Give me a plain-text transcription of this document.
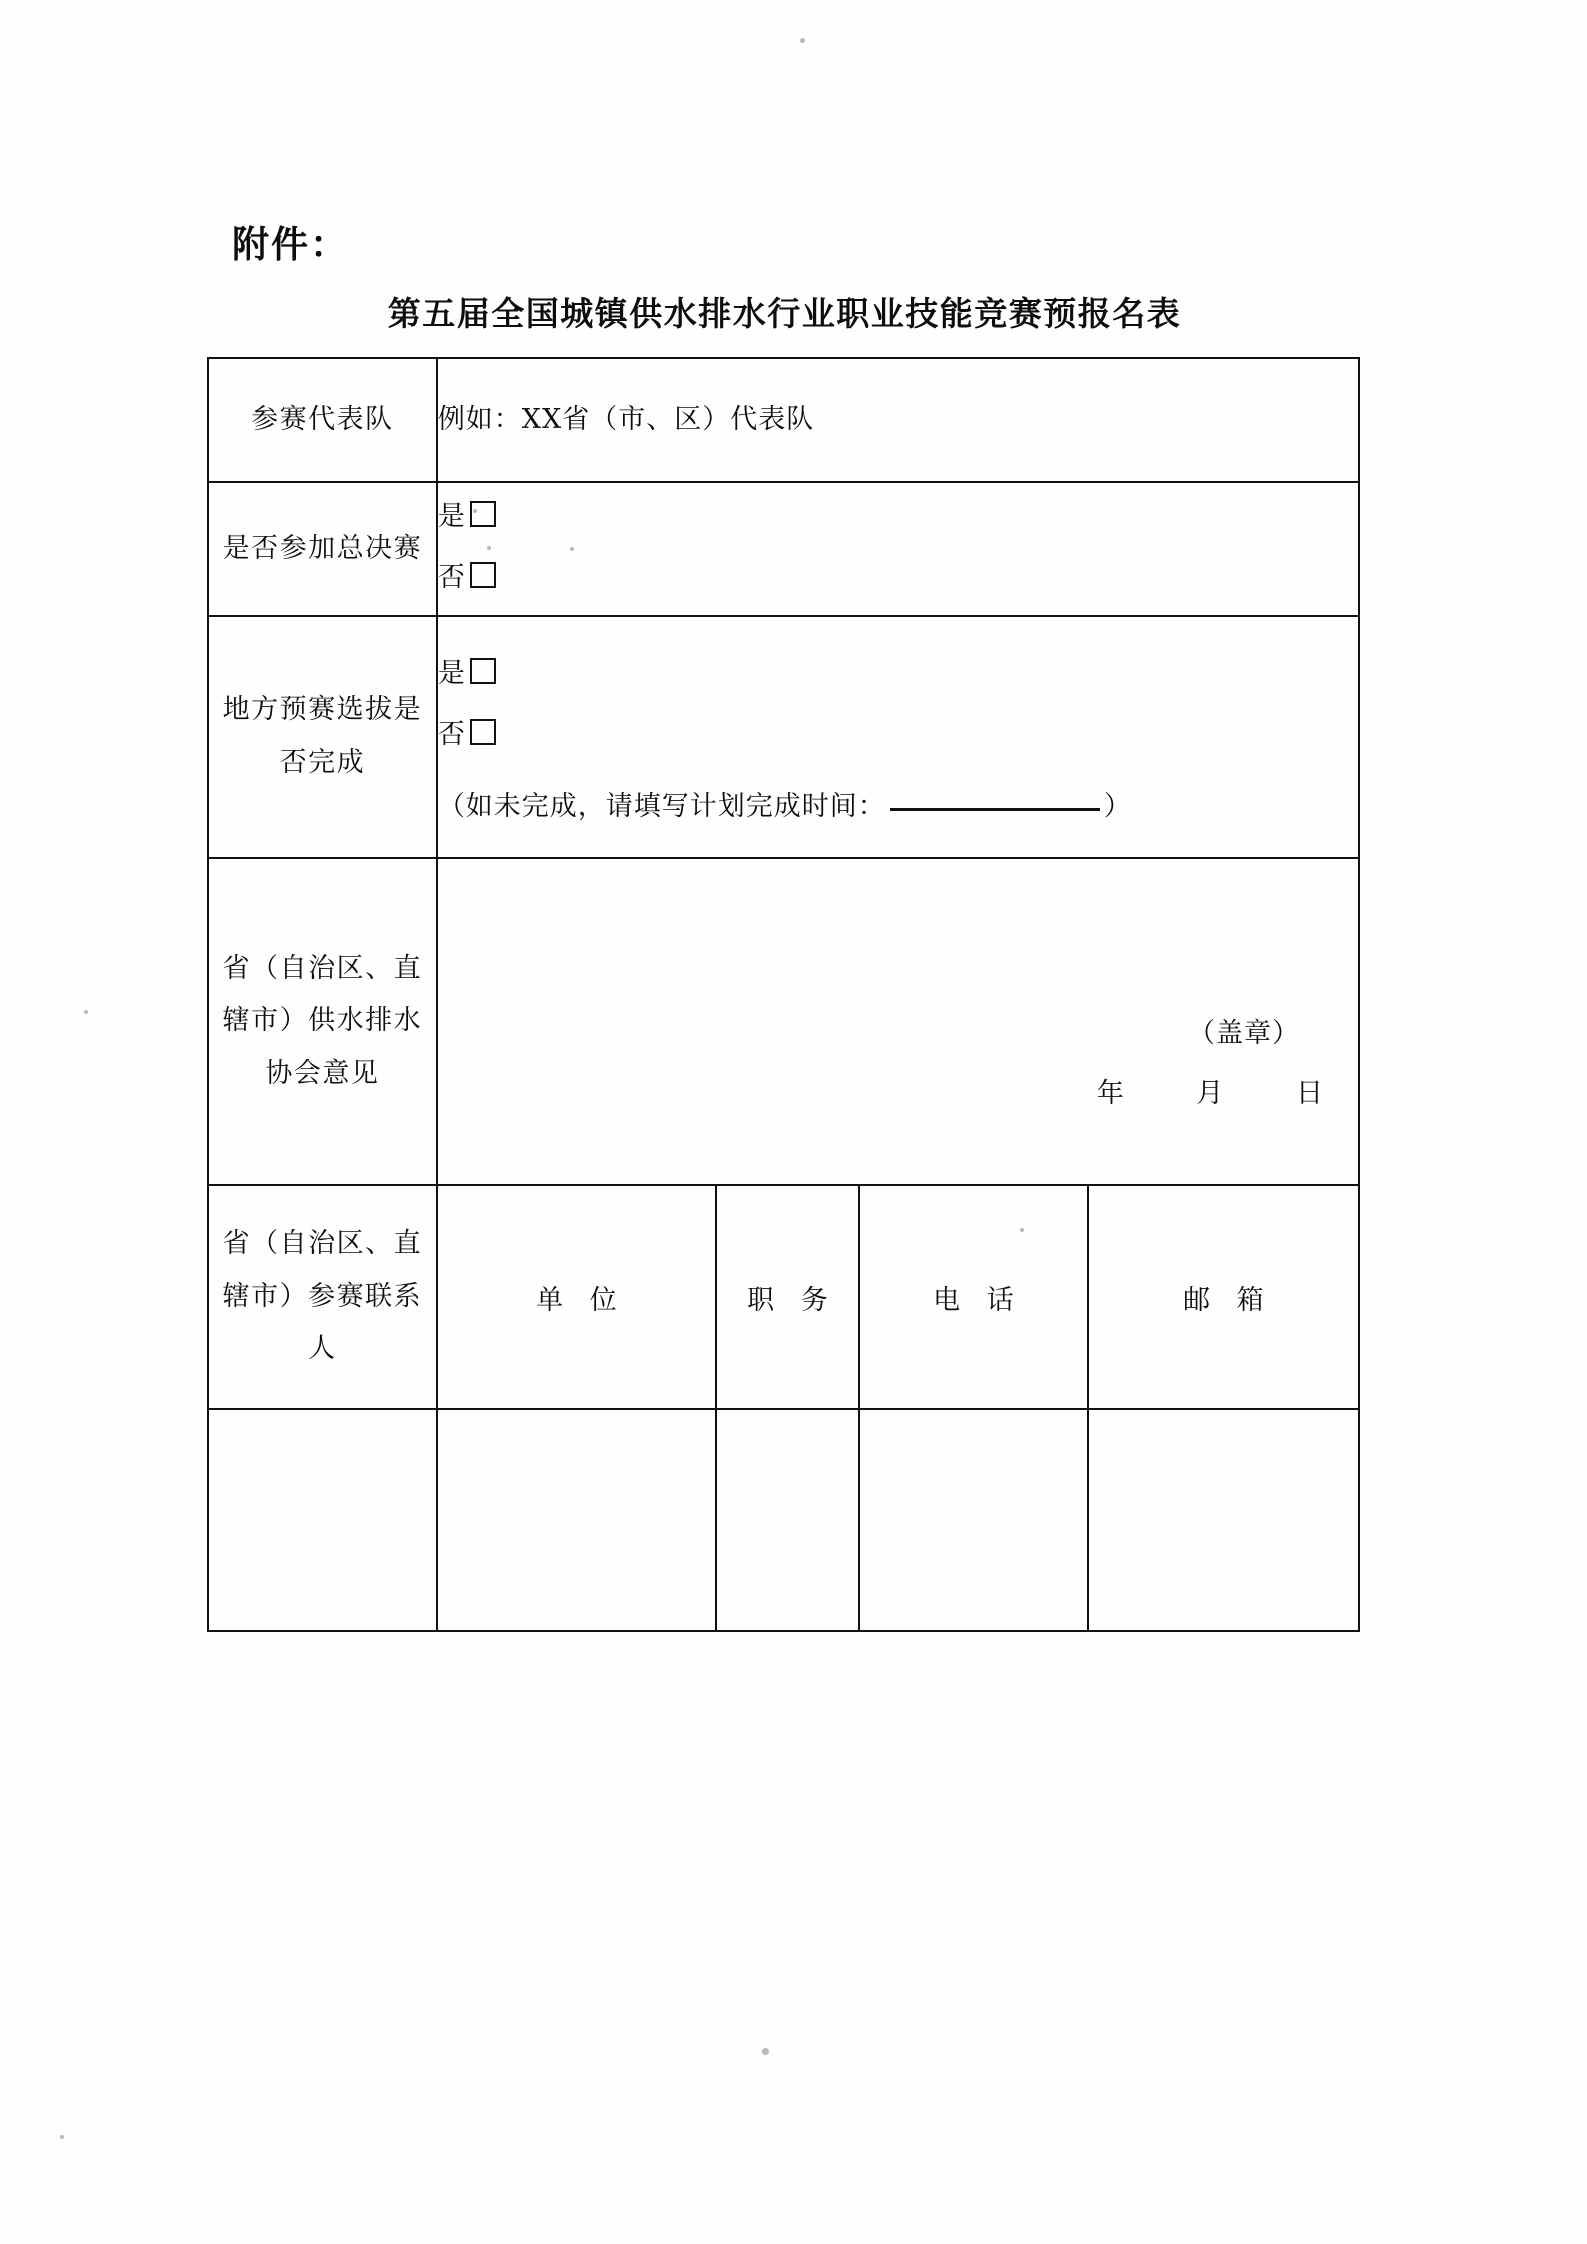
附件：
第五届全国城镇供水排水行业职业技能竞赛预报名表
参赛代表队	例如：XX省（市、区）代表队			
是否参加总决赛	是
否			

地方预赛选拔是
否完成	是
否
（如未完成，请填写计划完成时间： ）			

省（自治区、直
辖市）供水排水
协会意见

（盖章）
年	月	日

省（自治区、直
辖市）参赛联系
人	单 位	职 务	电 话	邮 箱
